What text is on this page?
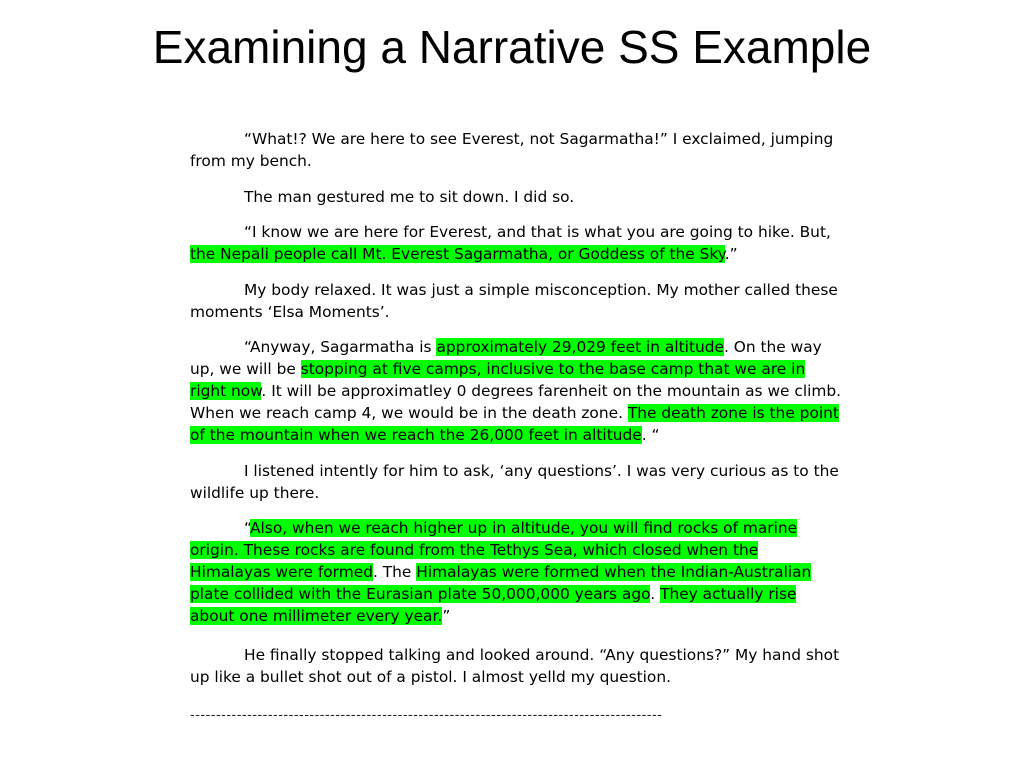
Examining a Narrative SS Example

“What!? We are here to see Everest, not Sagarmatha!” I exclaimed, jumping from my bench.

The man gestured me to sit down. I did so.

“I know we are here for Everest, and that is what you are going to hike. But, the Nepali people call Mt. Everest Sagarmatha, or Goddess of the Sky.”

My body relaxed. It was just a simple misconception. My mother called these moments ‘Elsa Moments’.

“Anyway, Sagarmatha is approximately 29,029 feet in altitude. On the way up, we will be stopping at five camps, inclusive to the base camp that we are in right now. It will be approximatley 0 degrees farenheit on the mountain as we climb. When we reach camp 4, we would be in the death zone. The death zone is the point of the mountain when we reach the 26,000 feet in altitude. “

I listened intently for him to ask, ‘any questions’. I was very curious as to the wildlife up there.

“Also, when we reach higher up in altitude, you will find rocks of marine origin. These rocks are found from the Tethys Sea, which closed when the Himalayas were formed. The Himalayas were formed when the Indian-Australian plate collided with the Eurasian plate 50,000,000 years ago. They actually rise about one millimeter every year.”

He finally stopped talking and looked around. “Any questions?” My hand shot up like a bullet shot out of a pistol. I almost yelld my question.

-------------------------------------------------------------------------------------------
